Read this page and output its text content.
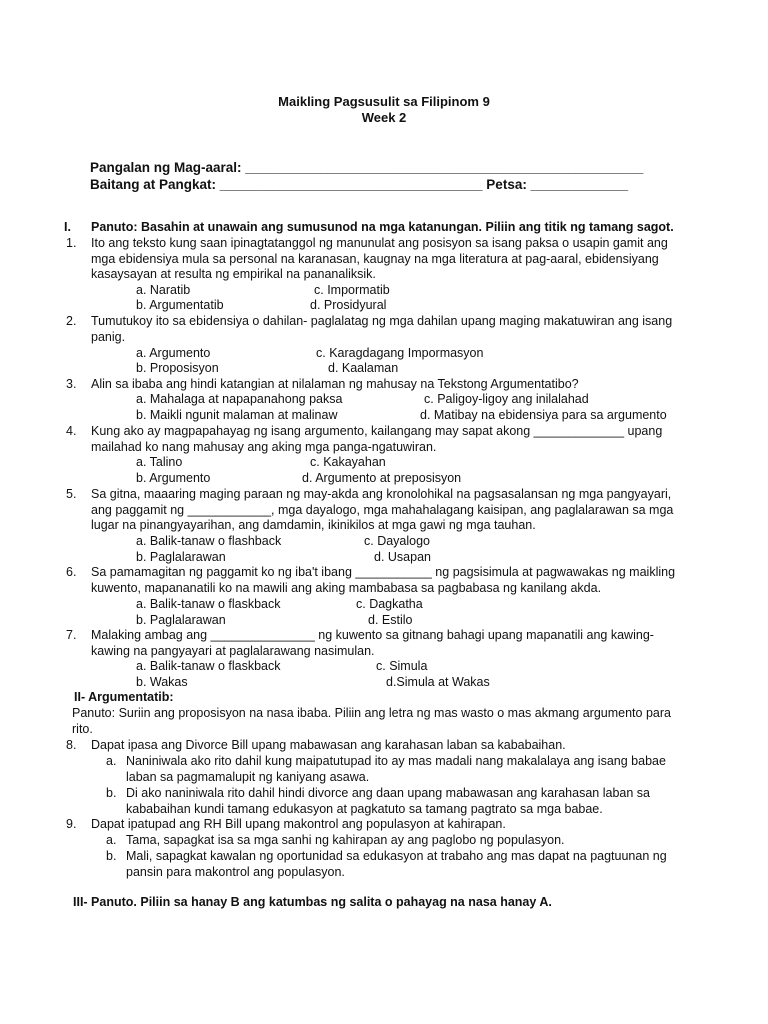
Maikling Pagsusulit sa Filipinom 9
Week 2
Pangalan ng Mag-aaral: _____________________________________________________
Baitang at Pangkat: ___________________________________ Petsa: _____________
I. Panuto: Basahin at unawain ang sumusunod na mga katanungan. Piliin ang titik ng tamang sagot.
1. Ito ang teksto kung saan ipinagtatanggol ng manunulat ang posisyon sa isang paksa o usapin gamit ang
mga ebidensiya mula sa personal na karanasan, kaugnay na mga literatura at pag-aaral, ebidensiyang
kasaysayan at resulta ng empirikal na pananaliksik.
a. Naratib	c. Impormatib
b. Argumentatib	d. Prosidyural
2. Tumutukoy ito sa ebidensiya o dahilan- paglalatag ng mga dahilan upang maging makatuwiran ang isang
panig.
a. Argumento	c. Karagdagang Impormasyon
b. Proposisyon	d. Kaalaman
3. Alin sa ibaba ang hindi katangian at nilalaman ng mahusay na Tekstong Argumentatibo?
a. Mahalaga at napapanahong paksa	c. Paligoy-ligoy ang inilalahad
b. Maikli ngunit malaman at malinaw	d. Matibay na ebidensiya para sa argumento
4. Kung ako ay magpapahayag ng isang argumento, kailangang may sapat akong _____________ upang
mailahad ko nang mahusay ang aking mga panga-ngatuwiran.
a. Talino	c. Kakayahan
b. Argumento	d. Argumento at preposisyon
5. Sa gitna, maaaring maging paraan ng may-akda ang kronolohikal na pagsasalansan ng mga pangyayari,
ang paggamit ng ____________, mga dayalogo, mga mahahalagang kaisipan, ang paglalarawan sa mga
lugar na pinangyayarihan, ang damdamin, ikinikilos at mga gawi ng mga tauhan.
a. Balik-tanaw o flashback	c. Dayalogo
b. Paglalarawan	d. Usapan
6. Sa pamamagitan ng paggamit ko ng iba't ibang ___________ ng pagsisimula at pagwawakas ng maikling
kuwento, mapananatili ko na mawili ang aking mambabasa sa pagbabasa ng kanilang akda.
a. Balik-tanaw o flaskback	c. Dagkatha
b. Paglalarawan	d. Estilo
7. Malaking ambag ang _______________ ng kuwento sa gitnang bahagi upang mapanatili ang kawing-
kawing na pangyayari at paglalarawang nasimulan.
a. Balik-tanaw o flaskback	c. Simula
b. Wakas	d.Simula at Wakas
II- Argumentatib:
Panuto: Suriin ang proposisyon na nasa ibaba. Piliin ang letra ng mas wasto o mas akmang argumento para
rito.
8. Dapat ipasa ang Divorce Bill upang mabawasan ang karahasan laban sa kababaihan.
a. Naniniwala ako rito dahil kung maipatutupad ito ay mas madali nang makalalaya ang isang babae
laban sa pagmamalupit ng kaniyang asawa.
b. Di ako naniniwala rito dahil hindi divorce ang daan upang mabawasan ang karahasan laban sa
kababaihan kundi tamang edukasyon at pagkatuto sa tamang pagtrato sa mga babae.
9. Dapat ipatupad ang RH Bill upang makontrol ang populasyon at kahirapan.
a. Tama, sapagkat isa sa mga sanhi ng kahirapan ay ang paglobo ng populasyon.
b. Mali, sapagkat kawalan ng oportunidad sa edukasyon at trabaho ang mas dapat na pagtuunan ng
pansin para makontrol ang populasyon.
III- Panuto. Piliin sa hanay B ang katumbas ng salita o pahayag na nasa hanay A.
